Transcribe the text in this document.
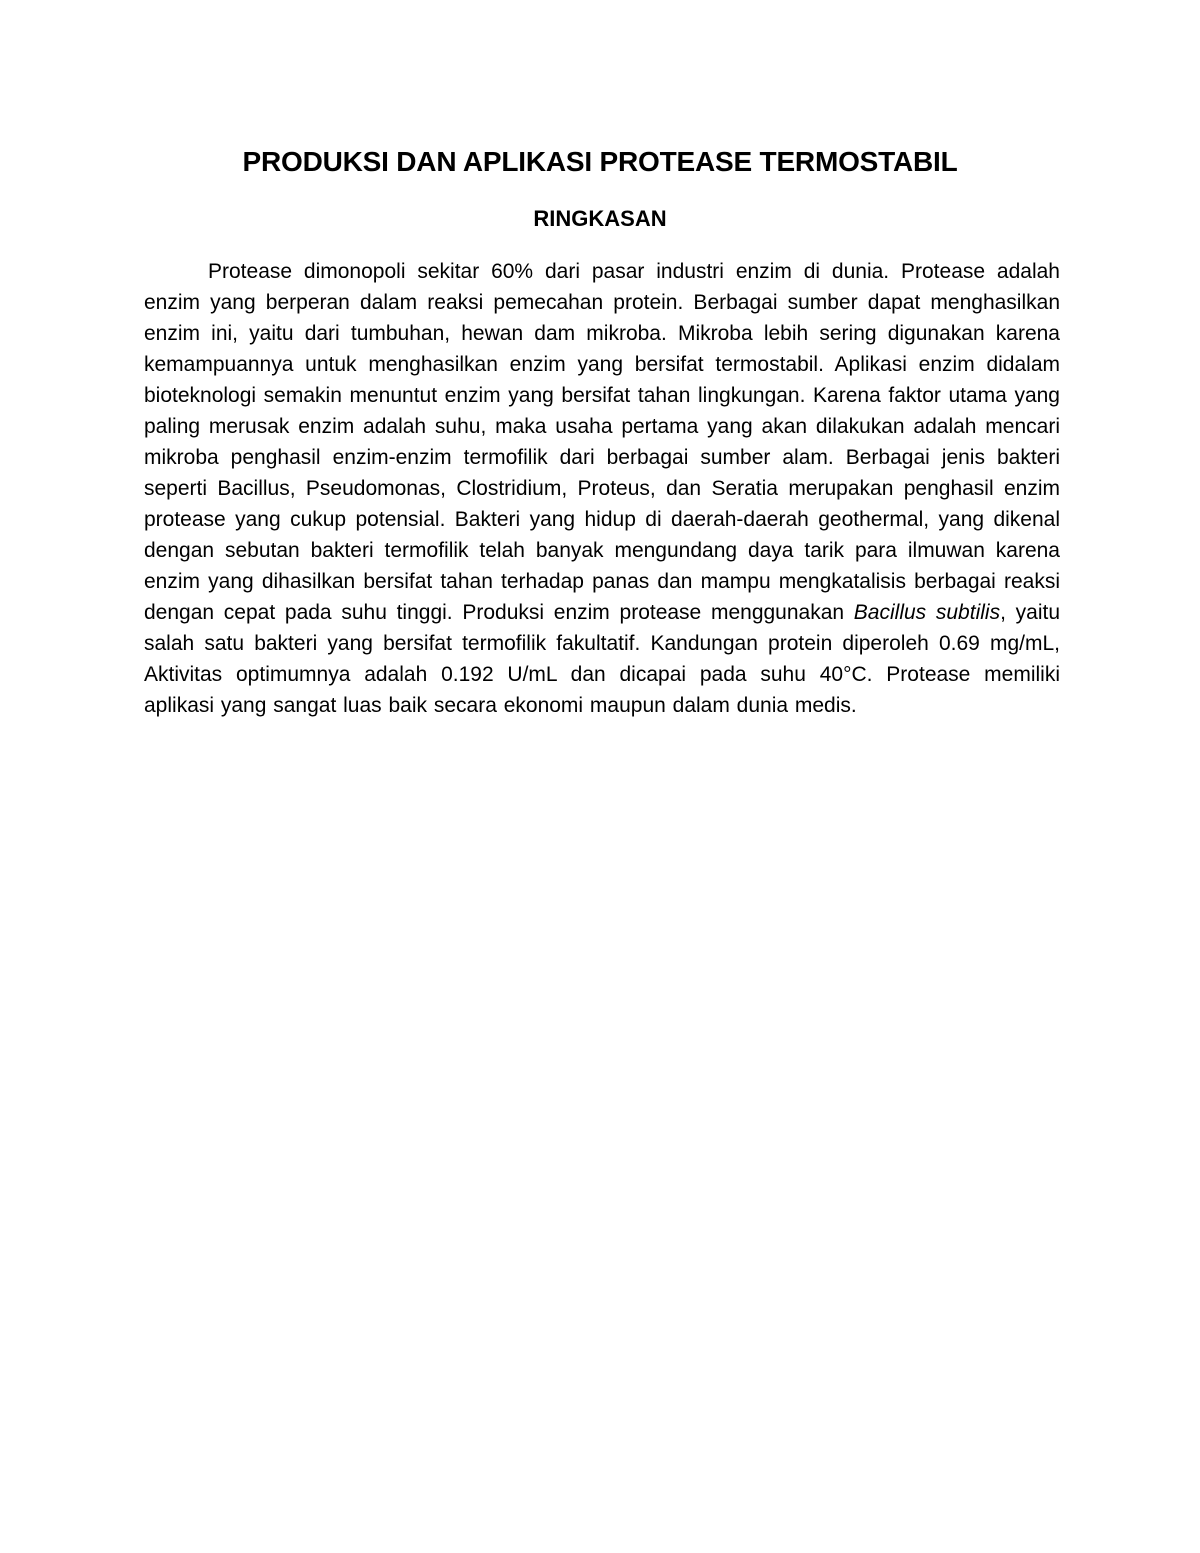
PRODUKSI DAN APLIKASI PROTEASE TERMOSTABIL
RINGKASAN

Protease dimonopoli sekitar 60% dari pasar industri enzim di dunia. Protease adalah enzim yang berperan dalam reaksi pemecahan protein. Berbagai sumber dapat menghasilkan enzim ini, yaitu dari tumbuhan, hewan dam mikroba. Mikroba lebih sering digunakan karena kemampuannya untuk menghasilkan enzim yang bersifat termostabil. Aplikasi enzim didalam bioteknologi semakin menuntut enzim yang bersifat tahan lingkungan. Karena faktor utama yang paling merusak enzim adalah suhu, maka usaha pertama yang akan dilakukan adalah mencari mikroba penghasil enzim-enzim termofilik dari berbagai sumber alam. Berbagai jenis bakteri seperti Bacillus, Pseudomonas, Clostridium, Proteus, dan Seratia merupakan penghasil enzim protease yang cukup potensial. Bakteri yang hidup di daerah-daerah geothermal, yang dikenal dengan sebutan bakteri termofilik telah banyak mengundang daya tarik para ilmuwan karena enzim yang dihasilkan bersifat tahan terhadap panas dan mampu mengkatalisis berbagai reaksi dengan cepat pada suhu tinggi. Produksi enzim protease menggunakan Bacillus subtilis, yaitu salah satu bakteri yang bersifat termofilik fakultatif. Kandungan protein diperoleh 0.69 mg/mL, Aktivitas optimumnya adalah 0.192 U/mL dan dicapai pada suhu 40°C. Protease memiliki aplikasi yang sangat luas baik secara ekonomi maupun dalam dunia medis.
